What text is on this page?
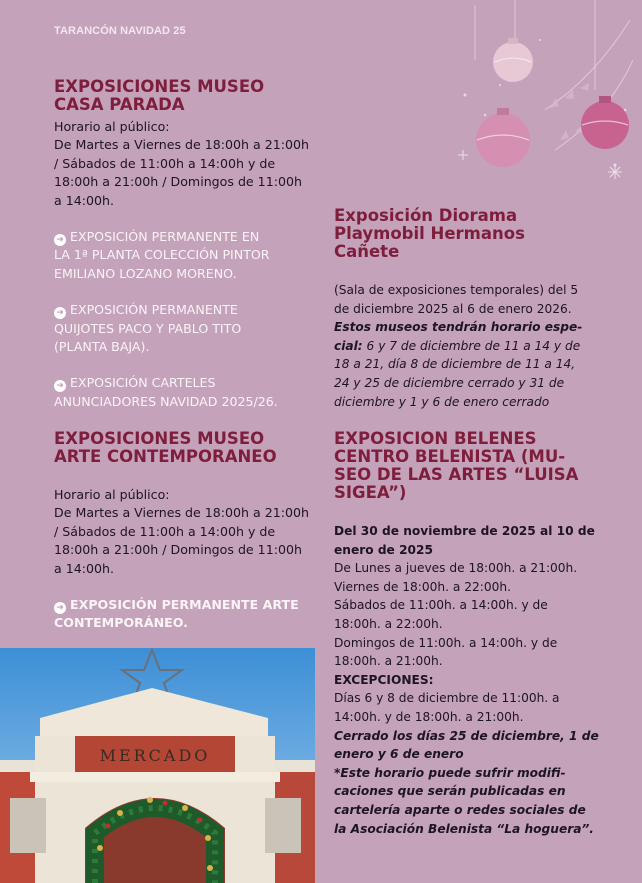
TARANCÓN NAVIDAD 25
EXPOSICIONES MUSEO
CASA PARADA
Horario al público:
De Martes a Viernes de 18:00h a 21:00h
/ Sábados de 11:00h a 14:00h y de
18:00h a 21:00h / Domingos de 11:00h
a 14:00h.
➜ EXPOSICIÓN PERMANENTE EN
LA 1ª PLANTA COLECCIÓN PINTOR
EMILIANO LOZANO MORENO.
➜ EXPOSICIÓN PERMANENTE
QUIJOTES PACO Y PABLO TITO
(PLANTA BAJA).
➜ EXPOSICIÓN CARTELES
ANUNCIADORES NAVIDAD 2025/26.
EXPOSICIONES MUSEO
ARTE CONTEMPORANEO
Horario al público:
De Martes a Viernes de 18:00h a 21:00h
/ Sábados de 11:00h a 14:00h y de
18:00h a 21:00h / Domingos de 11:00h
a 14:00h.
➜ EXPOSICIÓN PERMANENTE ARTE
CONTEMPORÁNEO.
Exposición Diorama
Playmobil Hermanos
Cañete
(Sala de exposiciones temporales) del 5
de diciembre 2025 al 6 de enero 2026.
Estos museos tendrán horario espe-
cial: 6 y 7 de diciembre de 11 a 14 y de
18 a 21, día 8 de diciembre de 11 a 14,
24 y 25 de diciembre cerrado y 31 de
diciembre y 1 y 6 de enero cerrado
EXPOSICION BELENES
CENTRO BELENISTA (MU-
SEO DE LAS ARTES “LUISA
SIGEA”)
Del 30 de noviembre de 2025 al 10 de
enero de 2025
De Lunes a jueves de 18:00h. a 21:00h.
Viernes de 18:00h. a 22:00h.
Sábados de 11:00h. a 14:00h. y de
18:00h. a 22:00h.
Domingos de 11:00h. a 14:00h. y de
18:00h. a 21:00h.
EXCEPCIONES:
Días 6 y 8 de diciembre de 11:00h. a
14:00h. y de 18:00h. a 21:00h.
Cerrado los días 25 de diciembre, 1 de
enero y 6 de enero
*Este horario puede sufrir modifi-
caciones que serán publicadas en
cartelería aparte o redes sociales de
la Asociación Belenista “La hoguera”.
MERCADO
